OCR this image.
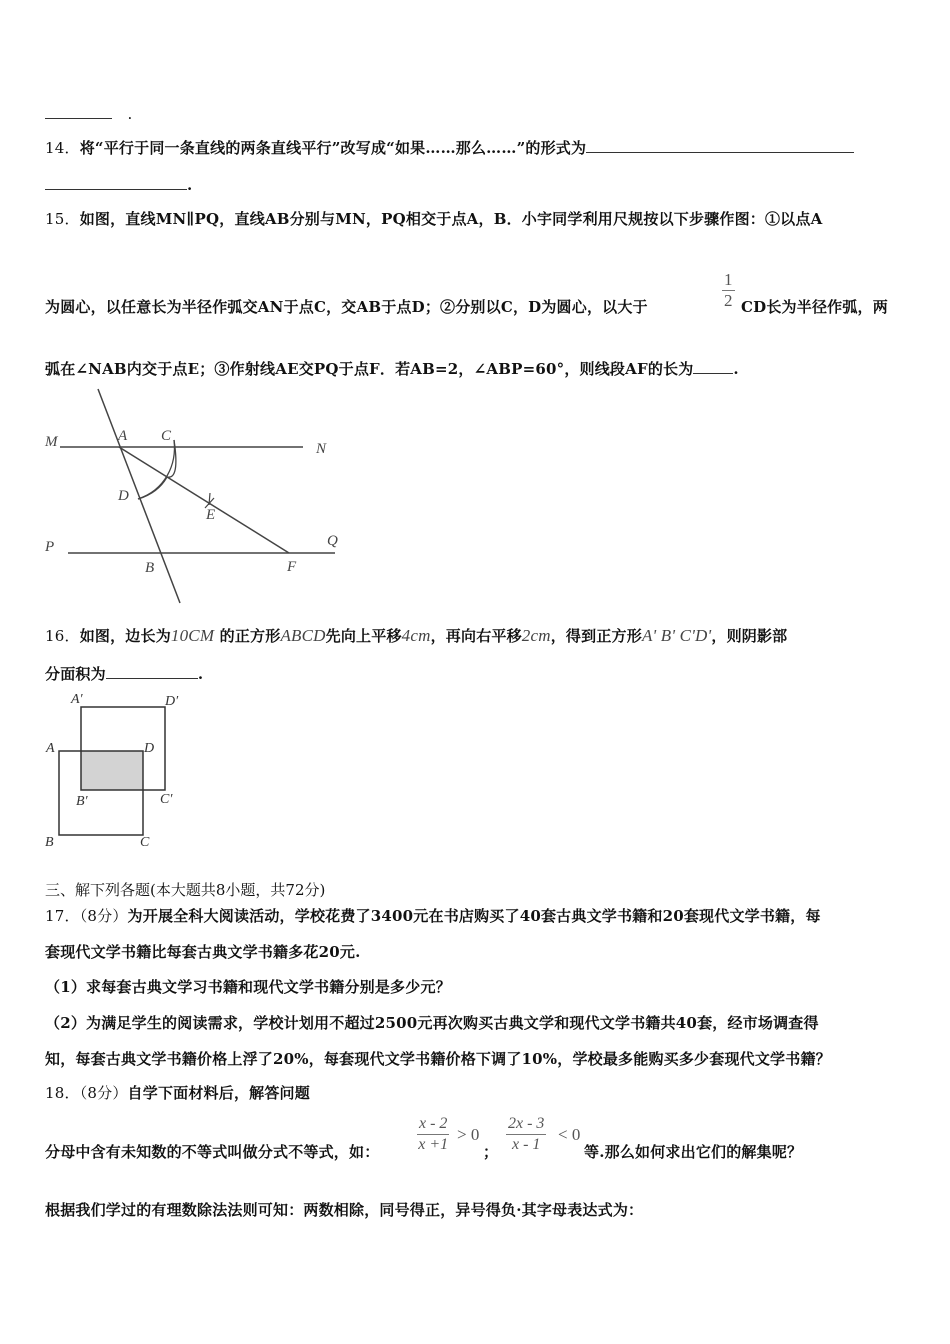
.
14．将“平行于同一条直线的两条直线平行”改写成“如果……那么……”的形式为
.
15．如图，直线MN∥PQ，直线AB分别与MN，PQ相交于点A，B．小宇同学利用尺规按以下步骤作图：①以点A
为圆心，以任意长为半径作弧交AN于点C，交AB于点D；②分别以C，D为圆心，以大于	$\frac{1}{2}$ CD长为半径作弧，两
弧在∠NAB内交于点E；③作射线AE交PQ于点F．若AB=2，∠ABP=60°，则线段AF的长为	.
M	A C
N
D
E
P	Q
B	F
16．如图，边长为10CM 的正方形ABCD先向上平移4cm，再向右平移2cm，得到正方形A' B' C'D'，则阴影部
分面积为	.
A′	D′
A	D
B′	C′
B	C
三、解下列各题(本大题共8小题，共72分)
17．（8分）为开展全科大阅读活动，学校花费了3400元在书店购买了40套古典文学书籍和20套现代文学书籍，每
套现代文学书籍比每套古典文学书籍多花20元.
（1）求每套古典文学习书籍和现代文学书籍分别是多少元？
（2）为满足学生的阅读需求，学校计划用不超过2500元再次购买古典文学和现代文学书籍共40套，经市场调查得
知，每套古典文学书籍价格上浮了20%，每套现代文学书籍价格下调了10%，学校最多能购买多少套现代文学书籍？
18．（8分）自学下面材料后，解答问题
分母中含有未知数的不等式叫做分式不等式，如： $\frac{x - 2}{x +1} > 0$
； $\frac{2x - 3}{x - 1} < 0$
等.那么如何求出它们的解集呢？
根据我们学过的有理数除法法则可知：两数相除，同号得正，异号得负·其字母表达式为：
